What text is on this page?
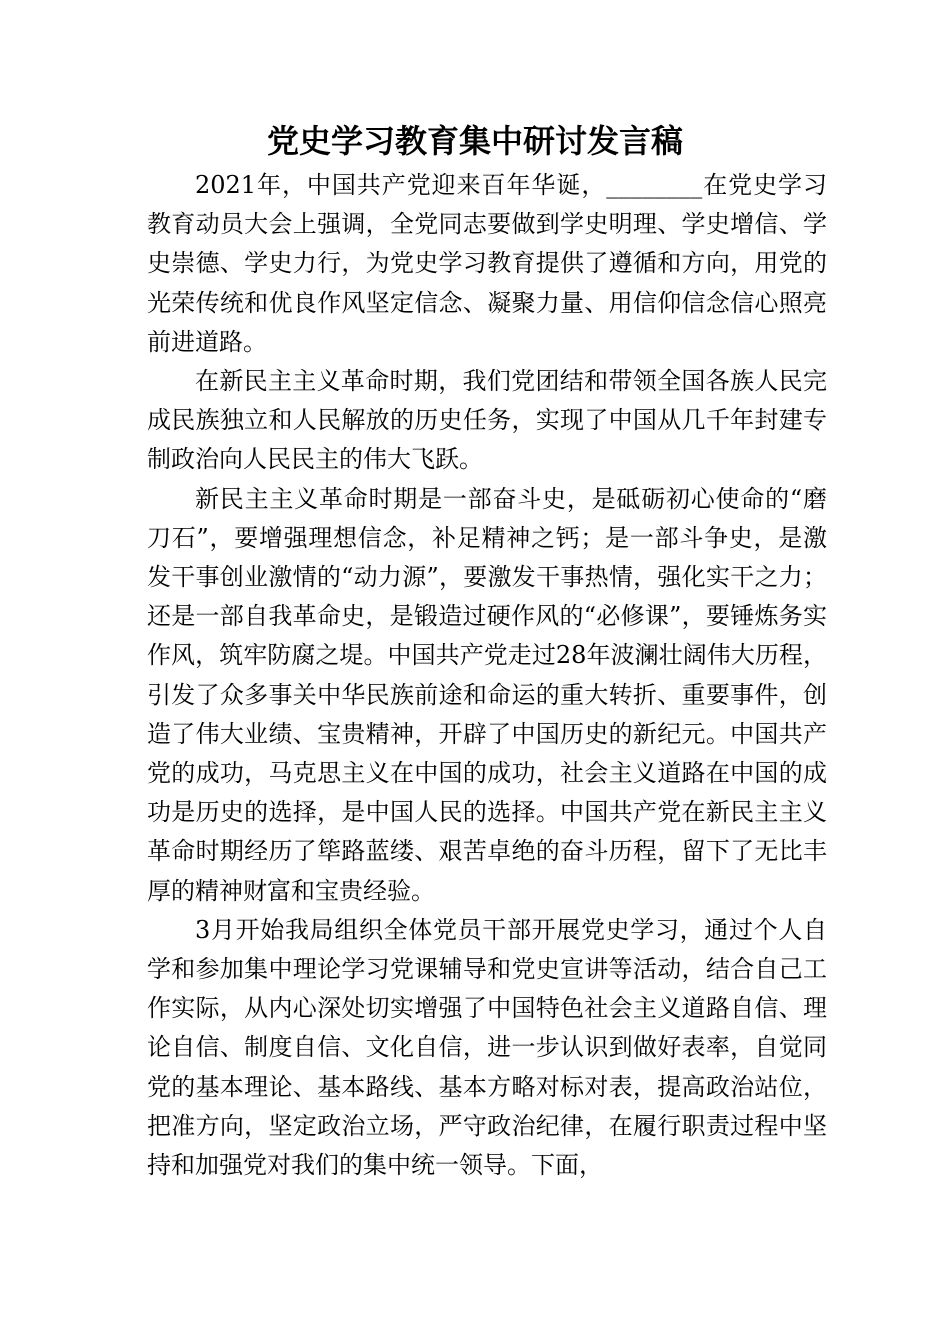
党史学习教育集中研讨发言稿

2021年，中国共产党迎来百年华诞，________在党史学习教育动员大会上强调，全党同志要做到学史明理、学史增信、学史崇德、学史力行，为党史学习教育提供了遵循和方向，用党的光荣传统和优良作风坚定信念、凝聚力量、用信仰信念信心照亮前进道路。

在新民主主义革命时期，我们党团结和带领全国各族人民完成民族独立和人民解放的历史任务，实现了中国从几千年封建专制政治向人民民主的伟大飞跃。

新民主主义革命时期是一部奋斗史，是砥砺初心使命的“磨刀石”，要增强理想信念，补足精神之钙；是一部斗争史，是激发干事创业激情的“动力源”，要激发干事热情，强化实干之力；还是一部自我革命史，是锻造过硬作风的“必修课”，要锤炼务实作风，筑牢防腐之堤。中国共产党走过28年波澜壮阔伟大历程，引发了众多事关中华民族前途和命运的重大转折、重要事件，创造了伟大业绩、宝贵精神，开辟了中国历史的新纪元。中国共产党的成功，马克思主义在中国的成功，社会主义道路在中国的成功是历史的选择，是中国人民的选择。中国共产党在新民主主义革命时期经历了筚路蓝缕、艰苦卓绝的奋斗历程，留下了无比丰厚的精神财富和宝贵经验。

3月开始我局组织全体党员干部开展党史学习，通过个人自学和参加集中理论学习党课辅导和党史宣讲等活动，结合自己工作实际，从内心深处切实增强了中国特色社会主义道路自信、理论自信、制度自信、文化自信，进一步认识到做好表率，自觉同党的基本理论、基本路线、基本方略对标对表，提高政治站位，把准方向，坚定政治立场，严守政治纪律，在履行职责过程中坚持和加强党对我们的集中统一领导。下面，
